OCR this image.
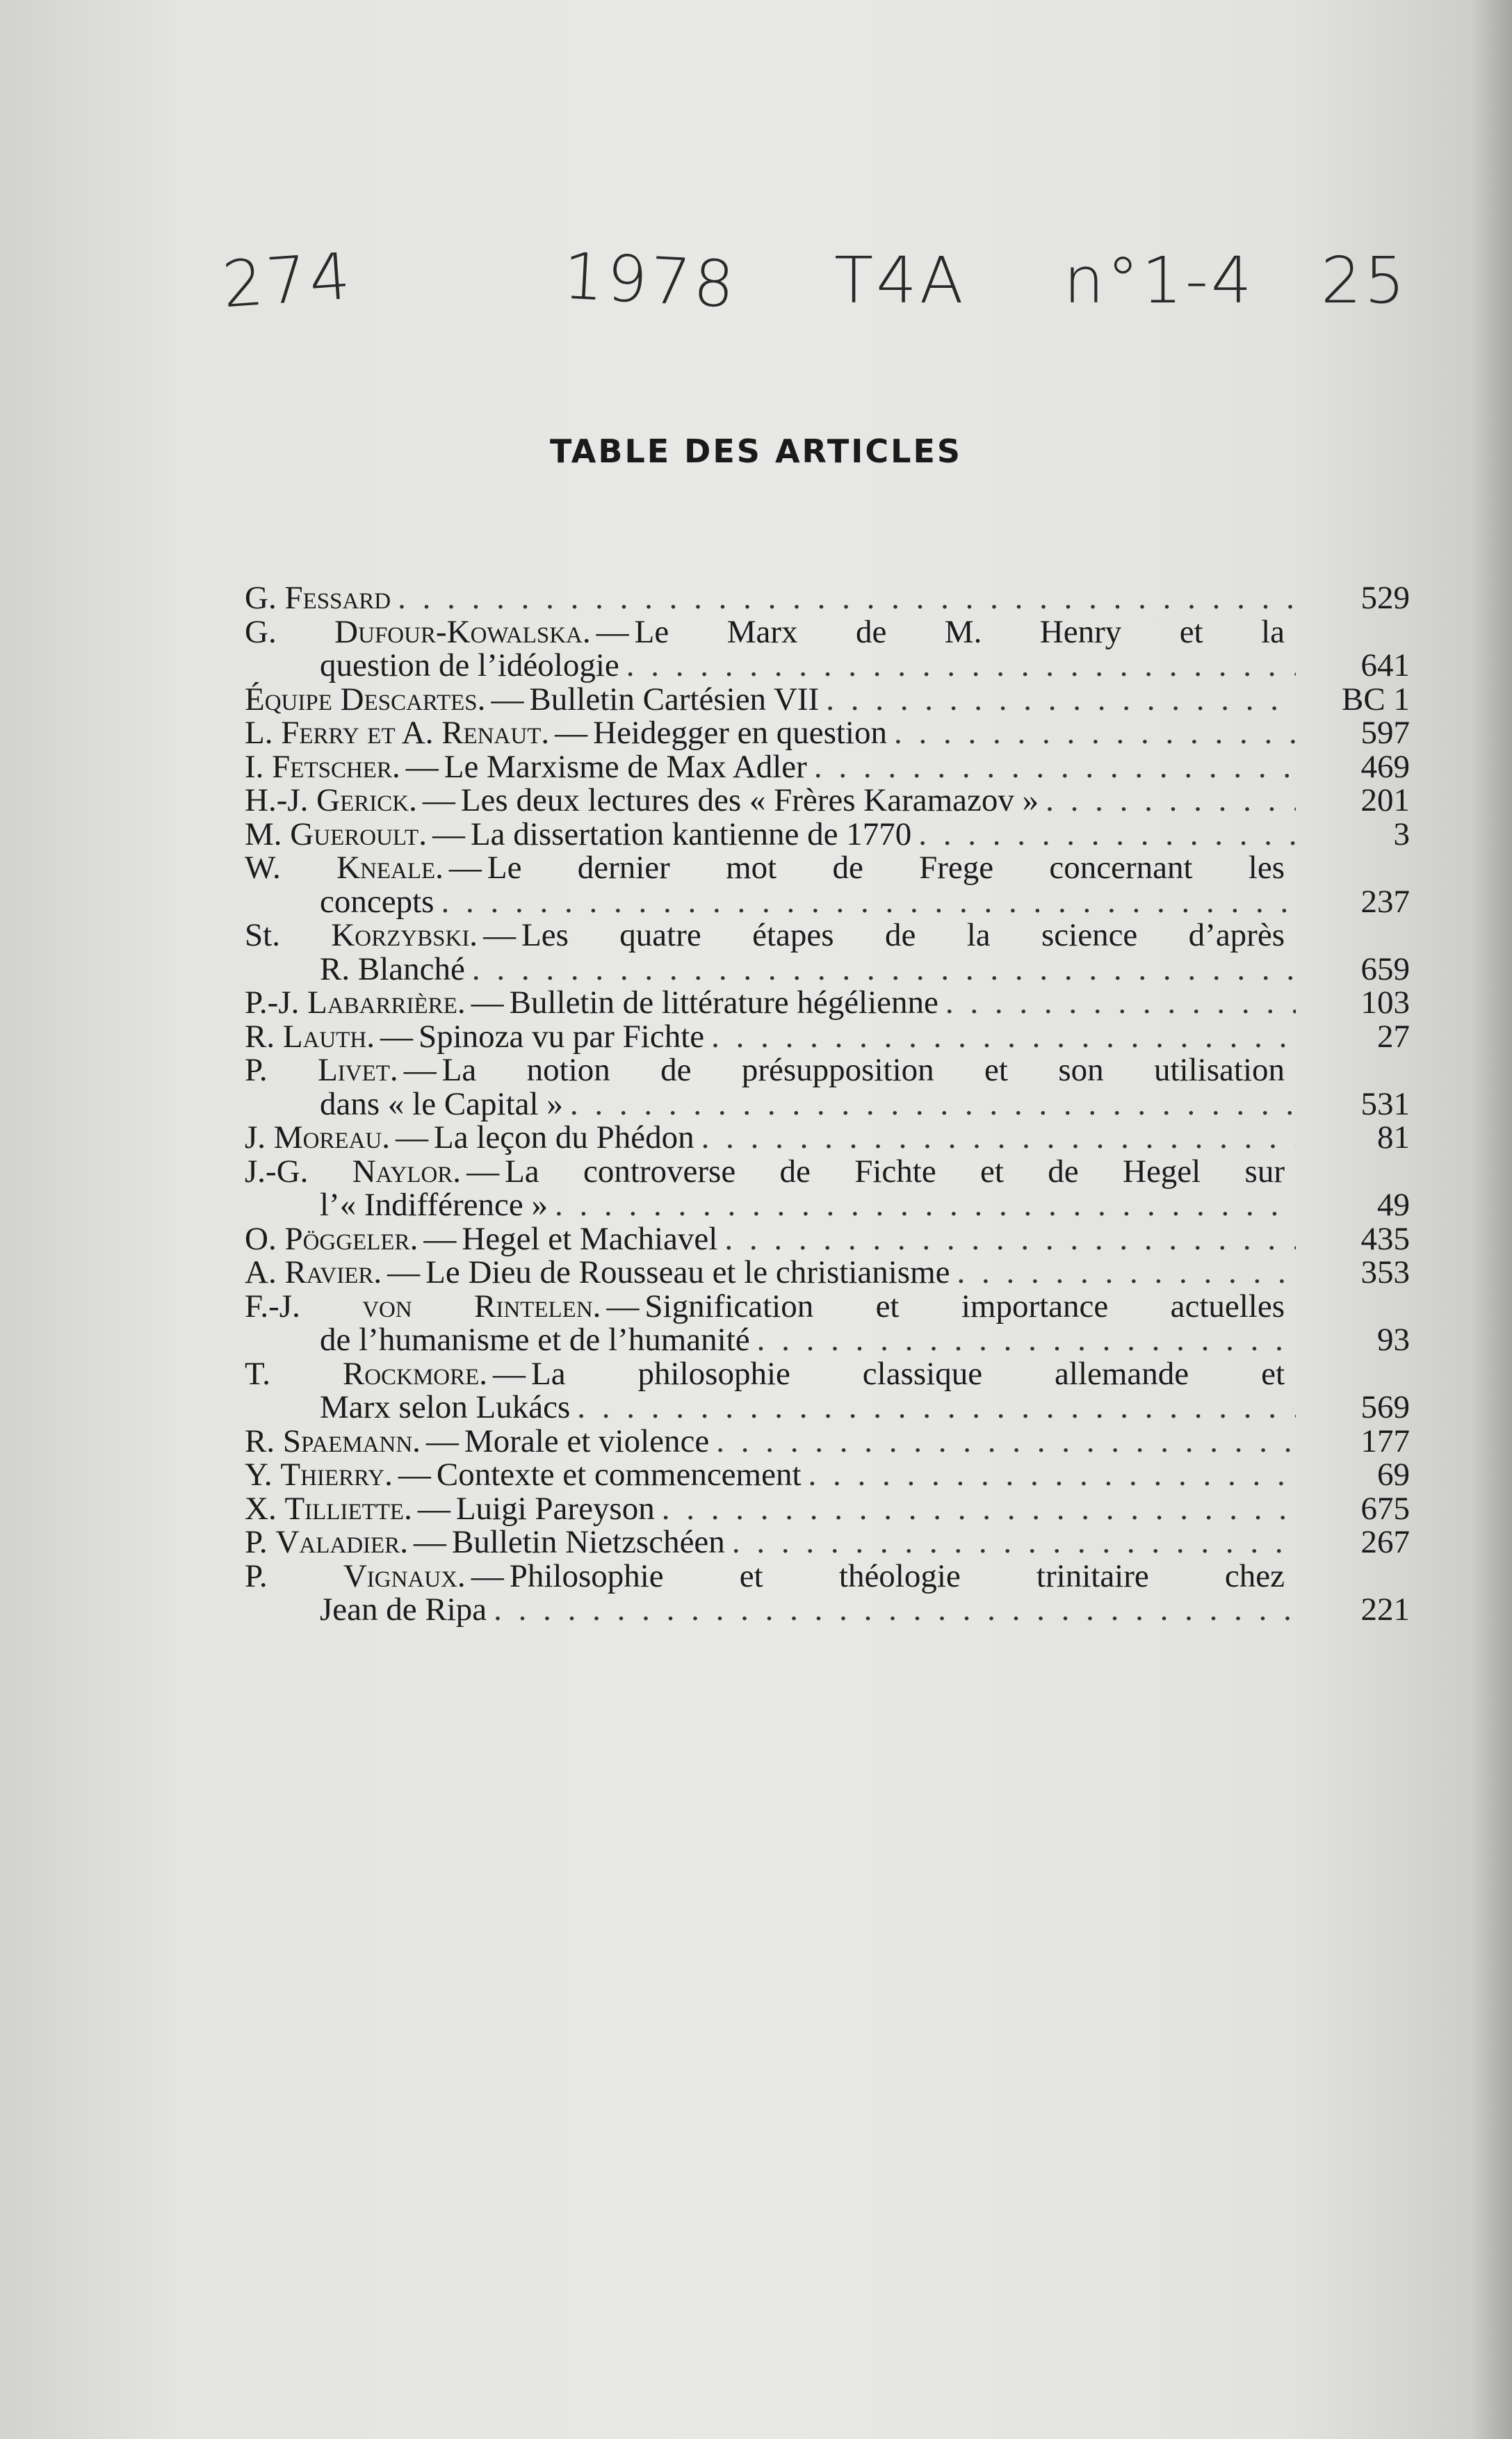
274	1978 T4A n°1-4 25
TABLE DES ARTICLES
G. Fessard . . .	529
G. Dufour-Kowalska. — Le Marx de M. Henry et la
question de l’idéologie . . .	641
Équipe Descartes. — Bulletin Cartésien VII . . .	BC 1
L. Ferry et A. Renaut. — Heidegger en question . . .	597
I. Fetscher. — Le Marxisme de Max Adler . . .	469
H.-J. Gerick. — Les deux lectures des « Frères Karamazov » . . .	201
M. Gueroult. — La dissertation kantienne de 1770 . . .	3
W. Kneale. — Le dernier mot de Frege concernant les
concepts . . .	237
St. Korzybski. — Les quatre étapes de la science d’après
R. Blanché . . .	659
P.-J. Labarrière. — Bulletin de littérature hégélienne . . .	103
R. Lauth. — Spinoza vu par Fichte . . .	27
P. Livet. — La notion de présupposition et son utilisation
dans « le Capital » . . .	531
J. Moreau. — La leçon du Phédon . . .	81
J.-G. Naylor. — La controverse de Fichte et de Hegel sur
l’« Indifférence » . . .	49
O. Pöggeler. — Hegel et Machiavel . . .	435
A. Ravier. — Le Dieu de Rousseau et le christianisme . . .	353
F.-J. von Rintelen. — Signification et importance actuelles
de l’humanisme et de l’humanité . . .	93
T. Rockmore. — La philosophie classique allemande et
Marx selon Lukács . . .	569
R. Spaemann. — Morale et violence . . .	177
Y. Thierry. — Contexte et commencement . . .	69
X. Tilliette. — Luigi Pareyson . . .	675
P. Valadier. — Bulletin Nietzschéen . . .	267
P. Vignaux. — Philosophie et théologie trinitaire chez
Jean de Ripa . . .	221
